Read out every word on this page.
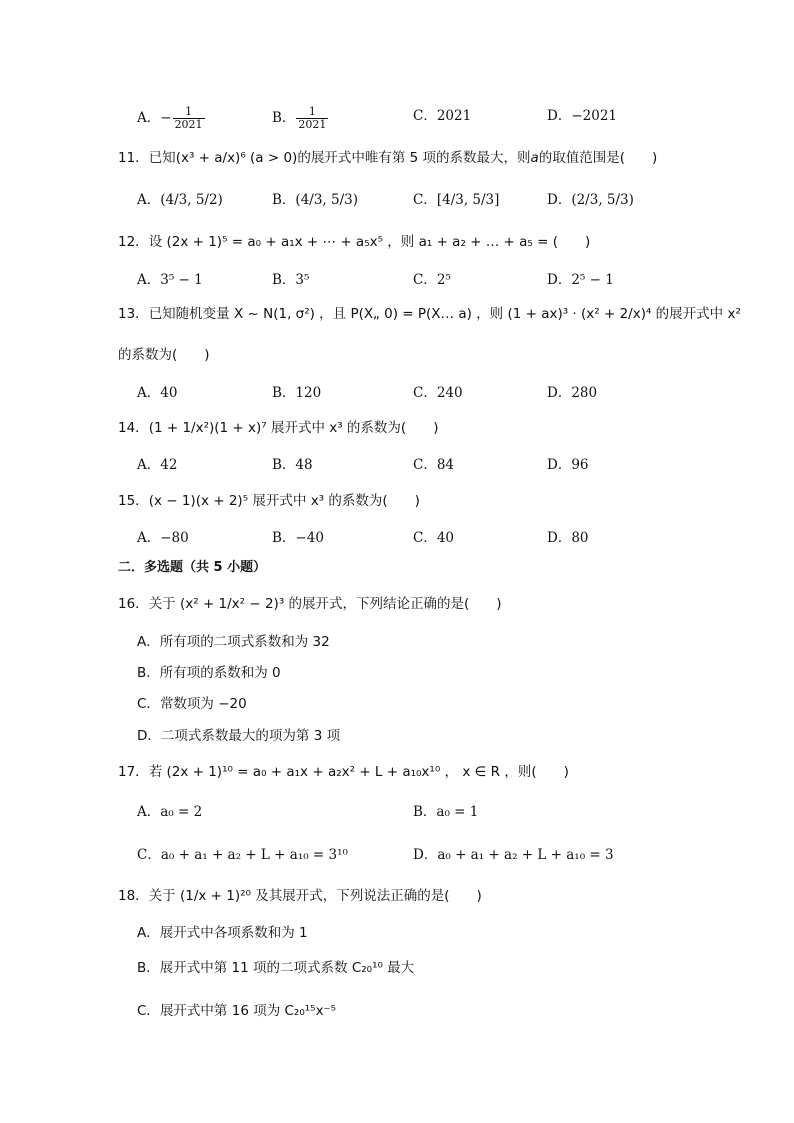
A．− $\frac{1}{2021}$	B． $\frac{1}{2021}$	C．2021	D．−2021
11．已知(x³ + a/x)⁶ (a > 0)的展开式中唯有第 5 项的系数最大，则a的取值范围是(　　)
A．(4/3, 5/2)	B．(4/3, 5/3)	C．[4/3, 5/3]	D．(2/3, 5/3)
12．设 (2x + 1)⁵ = a₀ + a₁x + ⋯ + a₅x⁵ ，则 a₁ + a₂ + … + a₅ = (　　)
A．3⁵ − 1	B．3⁵	C．2⁵	D．2⁵ − 1
13．已知随机变量 X ~ N(1, σ²) ，且 P(X„ 0) = P(X… a) ，则 (1 + ax)³ · (x² + 2/x)⁴ 的展开式中 x²
的系数为(　　)
A．40	B．120	C．240	D．280
14．(1 + 1/x²)(1 + x)⁷ 展开式中 x³ 的系数为(　　)
A．42	B．48	C．84	D．96
15．(x − 1)(x + 2)⁵ 展开式中 x³ 的系数为(　　)
A．−80	B．−40	C．40	D．80
二．多选题（共 5 小题）
16．关于 (x² + 1/x² − 2)³ 的展开式，下列结论正确的是(　　)
A．所有项的二项式系数和为 32
B．所有项的系数和为 0
C．常数项为 −20
D．二项式系数最大的项为第 3 项
17．若 (2x + 1)¹⁰ = a₀ + a₁x + a₂x² + L + a₁₀x¹⁰ ， x ∈ R ，则(　　)
A．a₀ = 2	B．a₀ = 1
C．a₀ + a₁ + a₂ + L + a₁₀ = 3¹⁰	D．a₀ + a₁ + a₂ + L + a₁₀ = 3
18．关于 (1/x + 1)²⁰ 及其展开式，下列说法正确的是(　　)
A．展开式中各项系数和为 1
B．展开式中第 11 项的二项式系数 C₂₀¹⁰ 最大
C．展开式中第 16 项为 C₂₀¹⁵x⁻⁵
